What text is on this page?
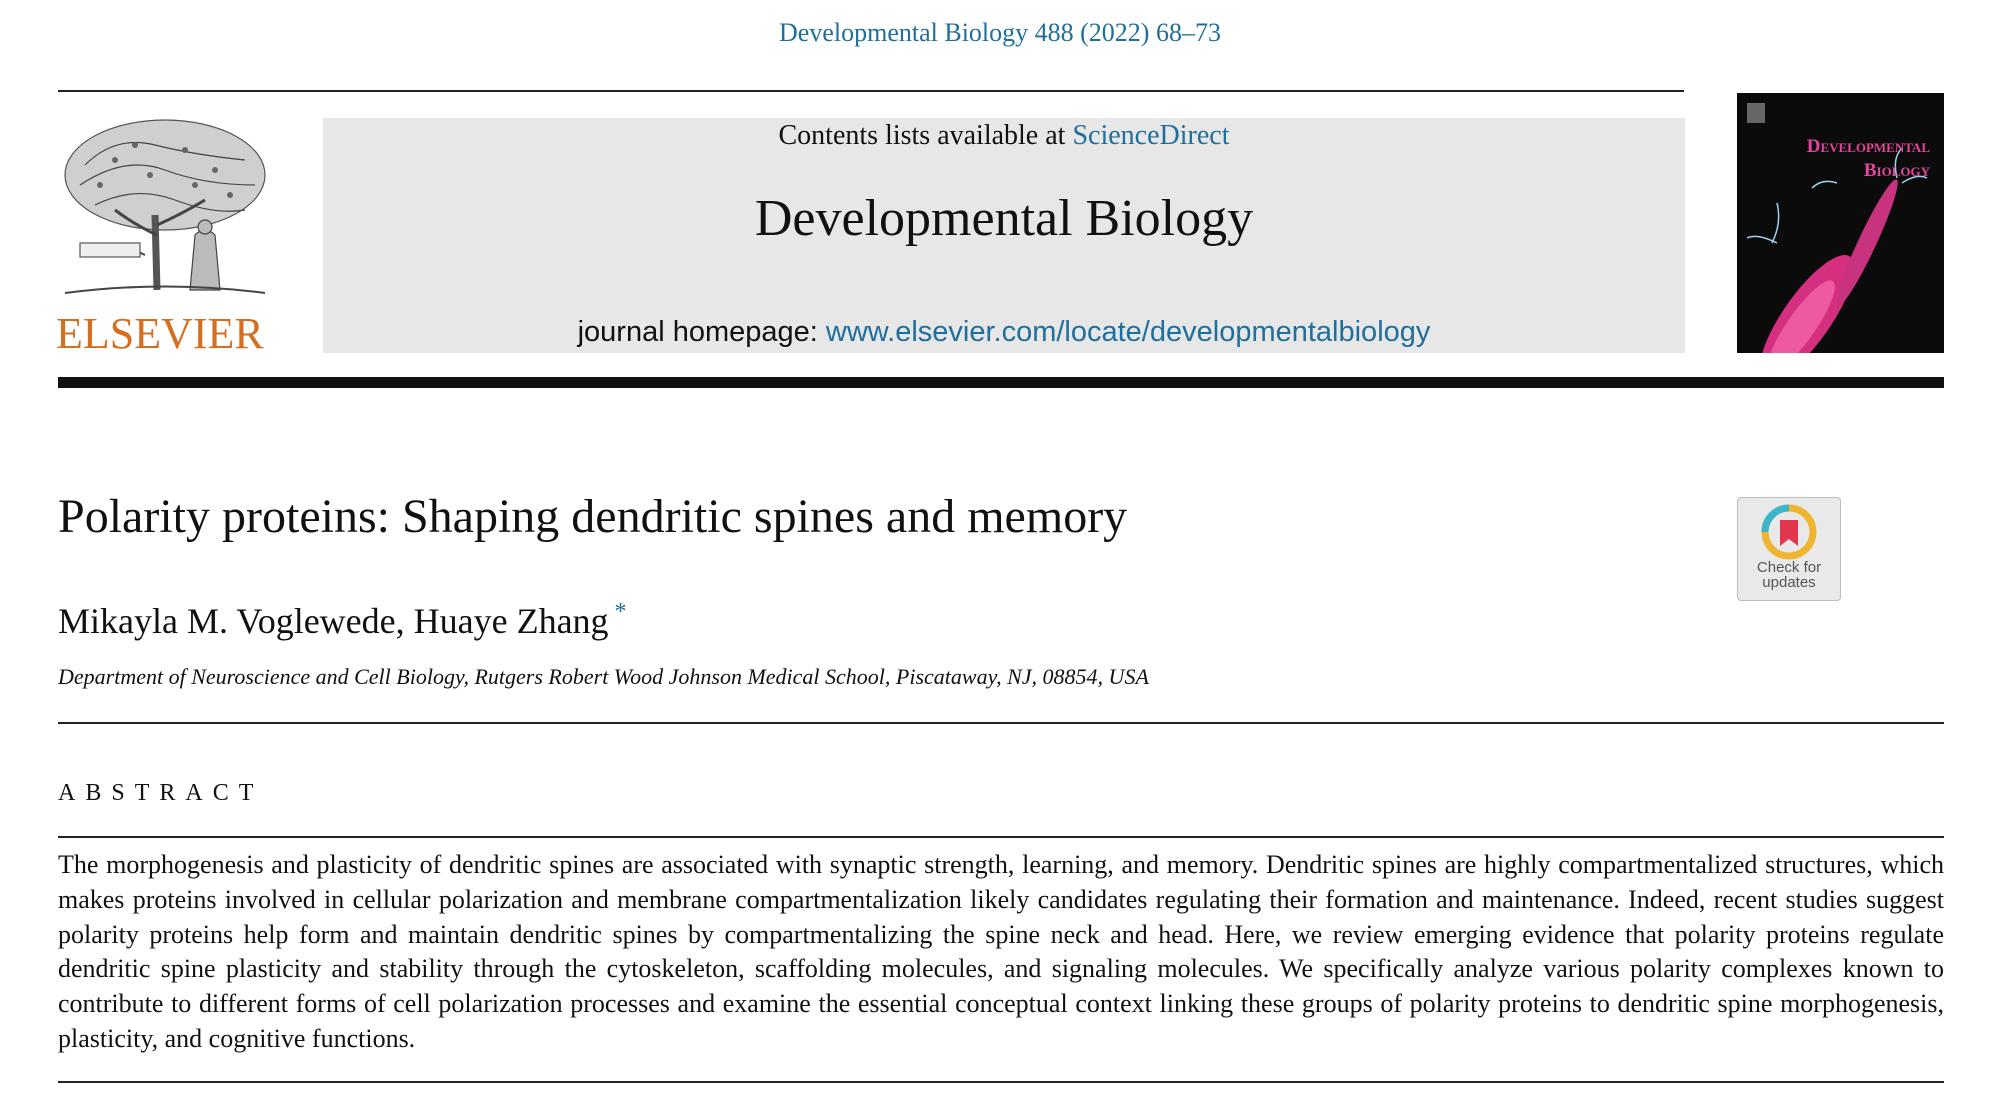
Developmental Biology 488 (2022) 68–73
ELSEVIER
Contents lists available at ScienceDirect
Developmental Biology
journal homepage: www.elsevier.com/locate/developmentalbiology
Developmental
Biology
Polarity proteins: Shaping dendritic spines and memory
Mikayla M. Voglewede, Huaye Zhang *
Department of Neuroscience and Cell Biology, Rutgers Robert Wood Johnson Medical School, Piscataway, NJ, 08854, USA
Check for
updates
ABSTRACT
The morphogenesis and plasticity of dendritic spines are associated with synaptic strength, learning, and memory. Dendritic spines are highly compartmentalized structures, which makes proteins involved in cellular polarization and membrane compartmentalization likely candidates regulating their formation and maintenance. Indeed, recent studies suggest polarity proteins help form and maintain dendritic spines by compartmentalizing the spine neck and head. Here, we review emerging evidence that polarity proteins regulate dendritic spine plasticity and stability through the cytoskeleton, scaffolding molecules, and signaling molecules. We specifically analyze various polarity complexes known to contribute to different forms of cell polarization processes and examine the essential conceptual context linking these groups of polarity proteins to dendritic spine morphogenesis, plasticity, and cognitive functions.
